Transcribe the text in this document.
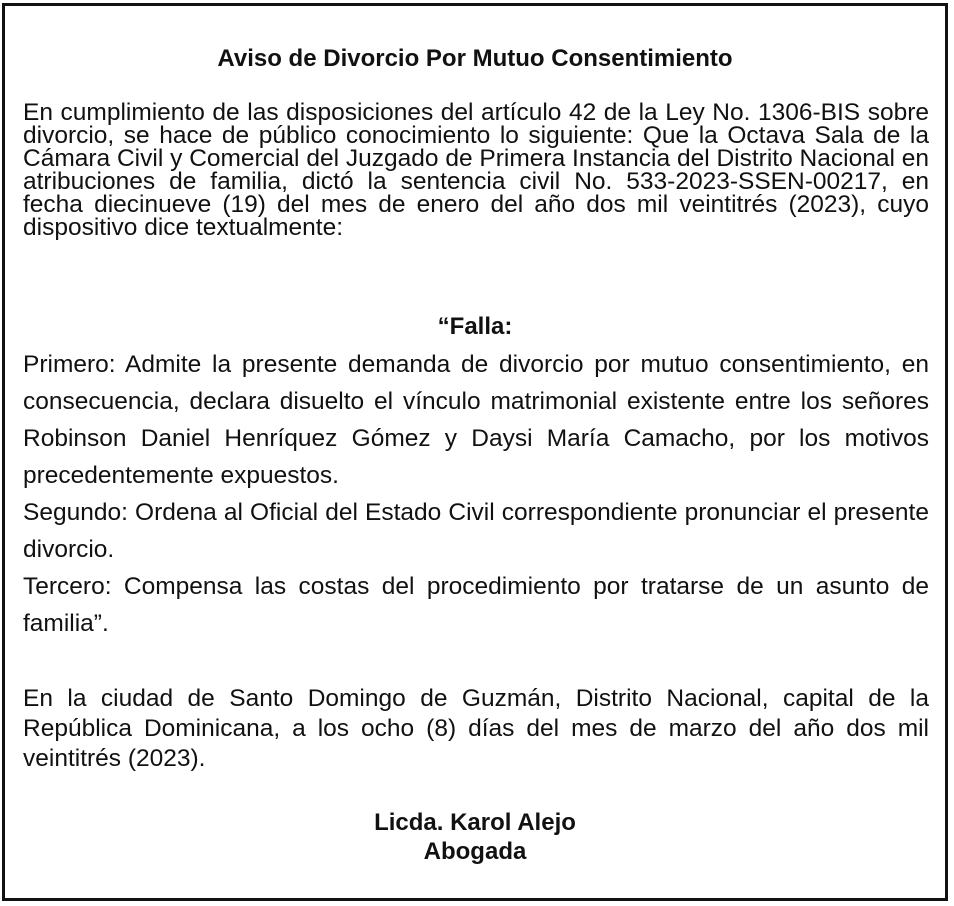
Aviso de Divorcio Por Mutuo Consentimiento

En cumplimiento de las disposiciones del artículo 42 de la Ley No. 1306-BIS sobre divorcio, se hace de público conocimiento lo siguiente: Que la Octava Sala de la Cámara Civil y Comercial del Juzgado de Primera Instancia del Distrito Nacional en atribuciones de familia, dictó la sentencia civil No. 533-2023-SSEN-00217, en fecha diecinueve (19) del mes de enero del año dos mil veintitrés (2023), cuyo dispositivo dice textualmente:

“Falla:
Primero: Admite la presente demanda de divorcio por mutuo consentimiento, en consecuencia, declara disuelto el vínculo matrimonial existente entre los señores Robinson Daniel Henríquez Gómez y Daysi María Camacho, por los motivos precedentemente expuestos.
Segundo: Ordena al Oficial del Estado Civil correspondiente pronunciar el presente divorcio.
Tercero: Compensa las costas del procedimiento por tratarse de un asunto de familia”.

En la ciudad de Santo Domingo de Guzmán, Distrito Nacional, capital de la República Dominicana, a los ocho (8) días del mes de marzo del año dos mil veintitrés (2023).

Licda. Karol Alejo
Abogada
